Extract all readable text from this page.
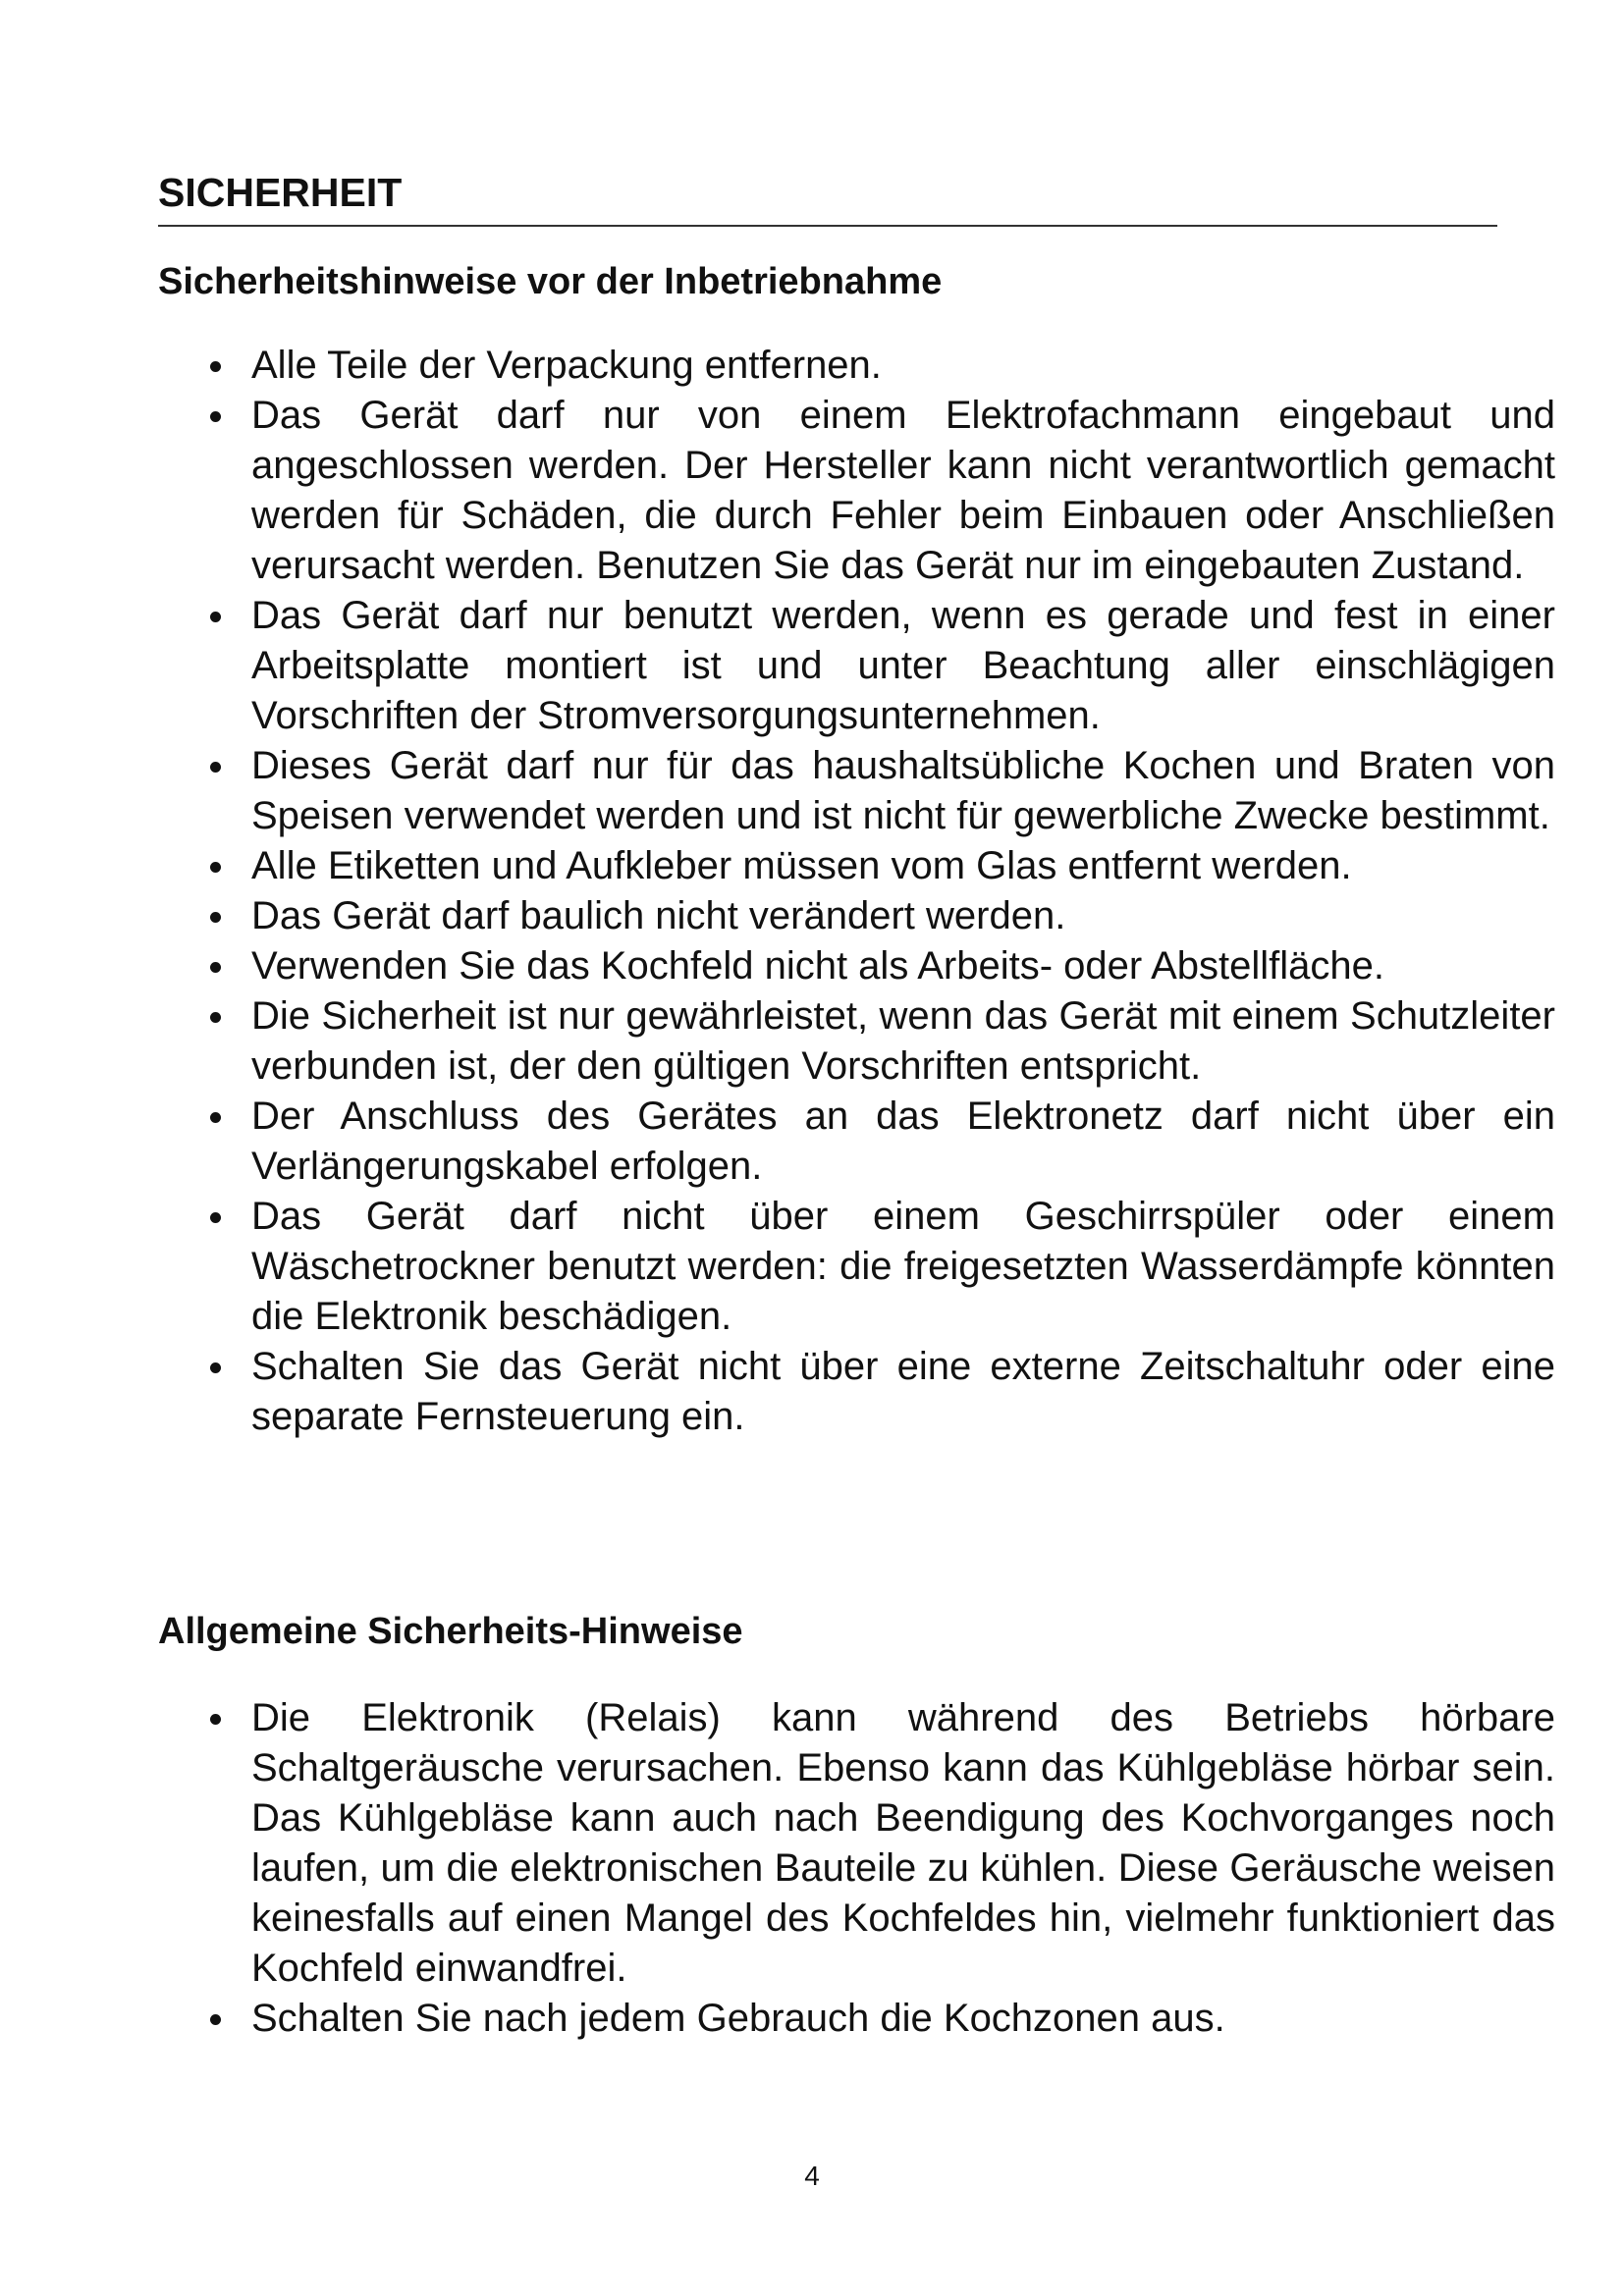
SICHERHEIT
Sicherheitshinweise vor der Inbetriebnahme
Alle Teile der Verpackung entfernen.
Das Gerät darf nur von einem Elektrofachmann eingebaut und angeschlossen werden. Der Hersteller kann nicht verantwortlich gemacht werden für Schäden, die durch Fehler beim Einbauen oder Anschließen verursacht werden. Benutzen Sie das Gerät nur im eingebauten Zustand.
Das Gerät darf nur benutzt werden, wenn es gerade und fest in einer Arbeitsplatte montiert ist und unter Beachtung aller einschlägigen Vorschriften der Stromversorgungsunternehmen.
Dieses Gerät darf nur für das haushaltsübliche Kochen und Braten von Speisen verwendet werden und ist nicht für gewerbliche Zwecke bestimmt.
Alle Etiketten und Aufkleber müssen vom Glas entfernt werden.
Das Gerät darf baulich nicht verändert werden.
Verwenden Sie das Kochfeld nicht als Arbeits- oder Abstellfläche.
Die Sicherheit ist nur gewährleistet, wenn das Gerät mit einem Schutzleiter verbunden ist, der den gültigen Vorschriften entspricht.
Der Anschluss des Gerätes an das Elektronetz darf nicht über ein Verlängerungskabel erfolgen.
Das Gerät darf nicht über einem Geschirrspüler oder einem Wäschetrockner benutzt werden: die freigesetzten Wasserdämpfe könnten die Elektronik beschädigen.
Schalten Sie das Gerät nicht über eine externe Zeitschaltuhr oder eine separate Fernsteuerung ein.
Allgemeine Sicherheits-Hinweise
Die Elektronik (Relais) kann während des Betriebs hörbare Schaltgeräusche verursachen. Ebenso kann das Kühlgebläse hörbar sein. Das Kühlgebläse kann auch nach Beendigung des Kochvorganges noch laufen, um die elektronischen Bauteile zu kühlen. Diese Geräusche weisen keinesfalls auf einen Mangel des Kochfeldes hin, vielmehr funktioniert das Kochfeld einwandfrei.
Schalten Sie nach jedem Gebrauch die Kochzonen aus.
4
